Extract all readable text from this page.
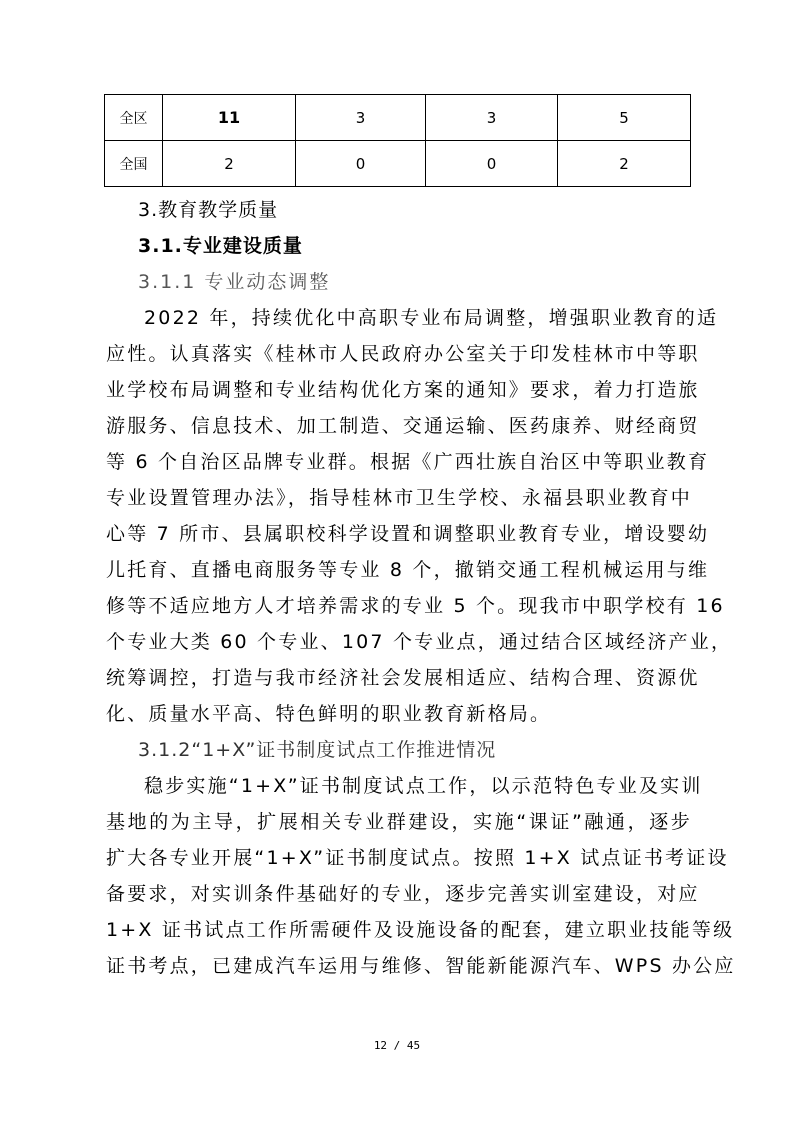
全区	11	3	3	5
全国	2	0	0	2
3.教育教学质量
3.1.专业建设质量
3.1.1 专业动态调整
2022 年，持续优化中高职专业布局调整，增强职业教育的适
应性。认真落实《桂林市人民政府办公室关于印发桂林市中等职
业学校布局调整和专业结构优化方案的通知》要求，着力打造旅
游服务、信息技术、加工制造、交通运输、医药康养、财经商贸
等 6 个自治区品牌专业群。根据《广西壮族自治区中等职业教育
专业设置管理办法》，指导桂林市卫生学校、永福县职业教育中
心等 7 所市、县属职校科学设置和调整职业教育专业，增设婴幼
儿托育、直播电商服务等专业 8 个，撤销交通工程机械运用与维
修等不适应地方人才培养需求的专业 5 个。现我市中职学校有 16
个专业大类 60 个专业、107 个专业点，通过结合区域经济产业，
统筹调控，打造与我市经济社会发展相适应、结构合理、资源优
化、质量水平高、特色鲜明的职业教育新格局。
3.1.2“1+X”证书制度试点工作推进情况
稳步实施“1+X”证书制度试点工作，以示范特色专业及实训
基地的为主导，扩展相关专业群建设，实施“课证”融通，逐步
扩大各专业开展“1+X”证书制度试点。按照 1+X 试点证书考证设
备要求，对实训条件基础好的专业，逐步完善实训室建设，对应
1+X 证书试点工作所需硬件及设施设备的配套，建立职业技能等级
证书考点，已建成汽车运用与维修、智能新能源汽车、WPS 办公应
12 / 45
